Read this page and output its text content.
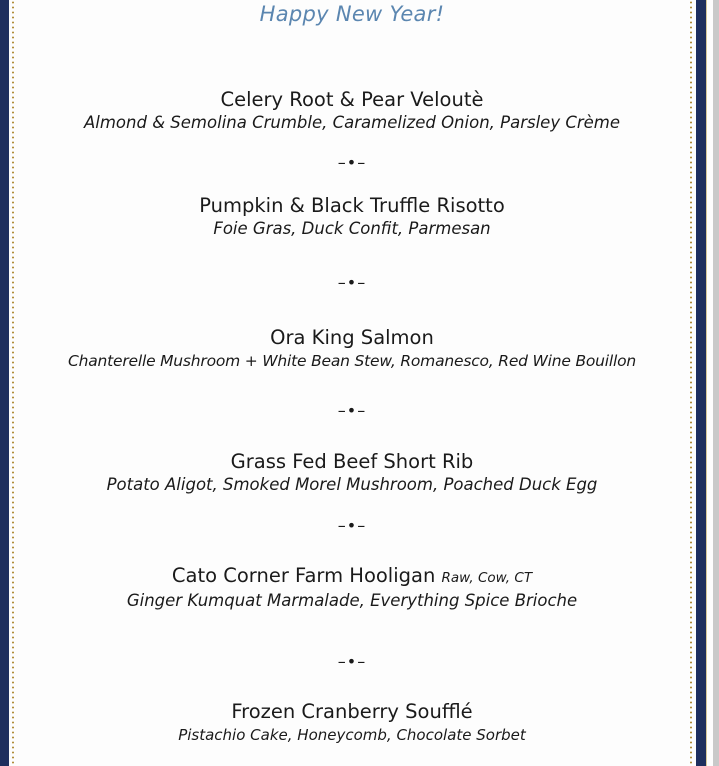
Happy New Year!
Celery Root & Pear Veloutè
Almond & Semolina Crumble, Caramelized Onion, Parsley Crème
–•–
Pumpkin & Black Truffle Risotto
Foie Gras, Duck Confit, Parmesan
–•–
Ora King Salmon
Chanterelle Mushroom + White Bean Stew, Romanesco, Red Wine Bouillon
–•–
Grass Fed Beef Short Rib
Potato Aligot, Smoked Morel Mushroom, Poached Duck Egg
–•–
Cato Corner Farm Hooligan Raw, Cow, CT
Ginger Kumquat Marmalade, Everything Spice Brioche
–•–
Frozen Cranberry Soufflé
Pistachio Cake, Honeycomb, Chocolate Sorbet
